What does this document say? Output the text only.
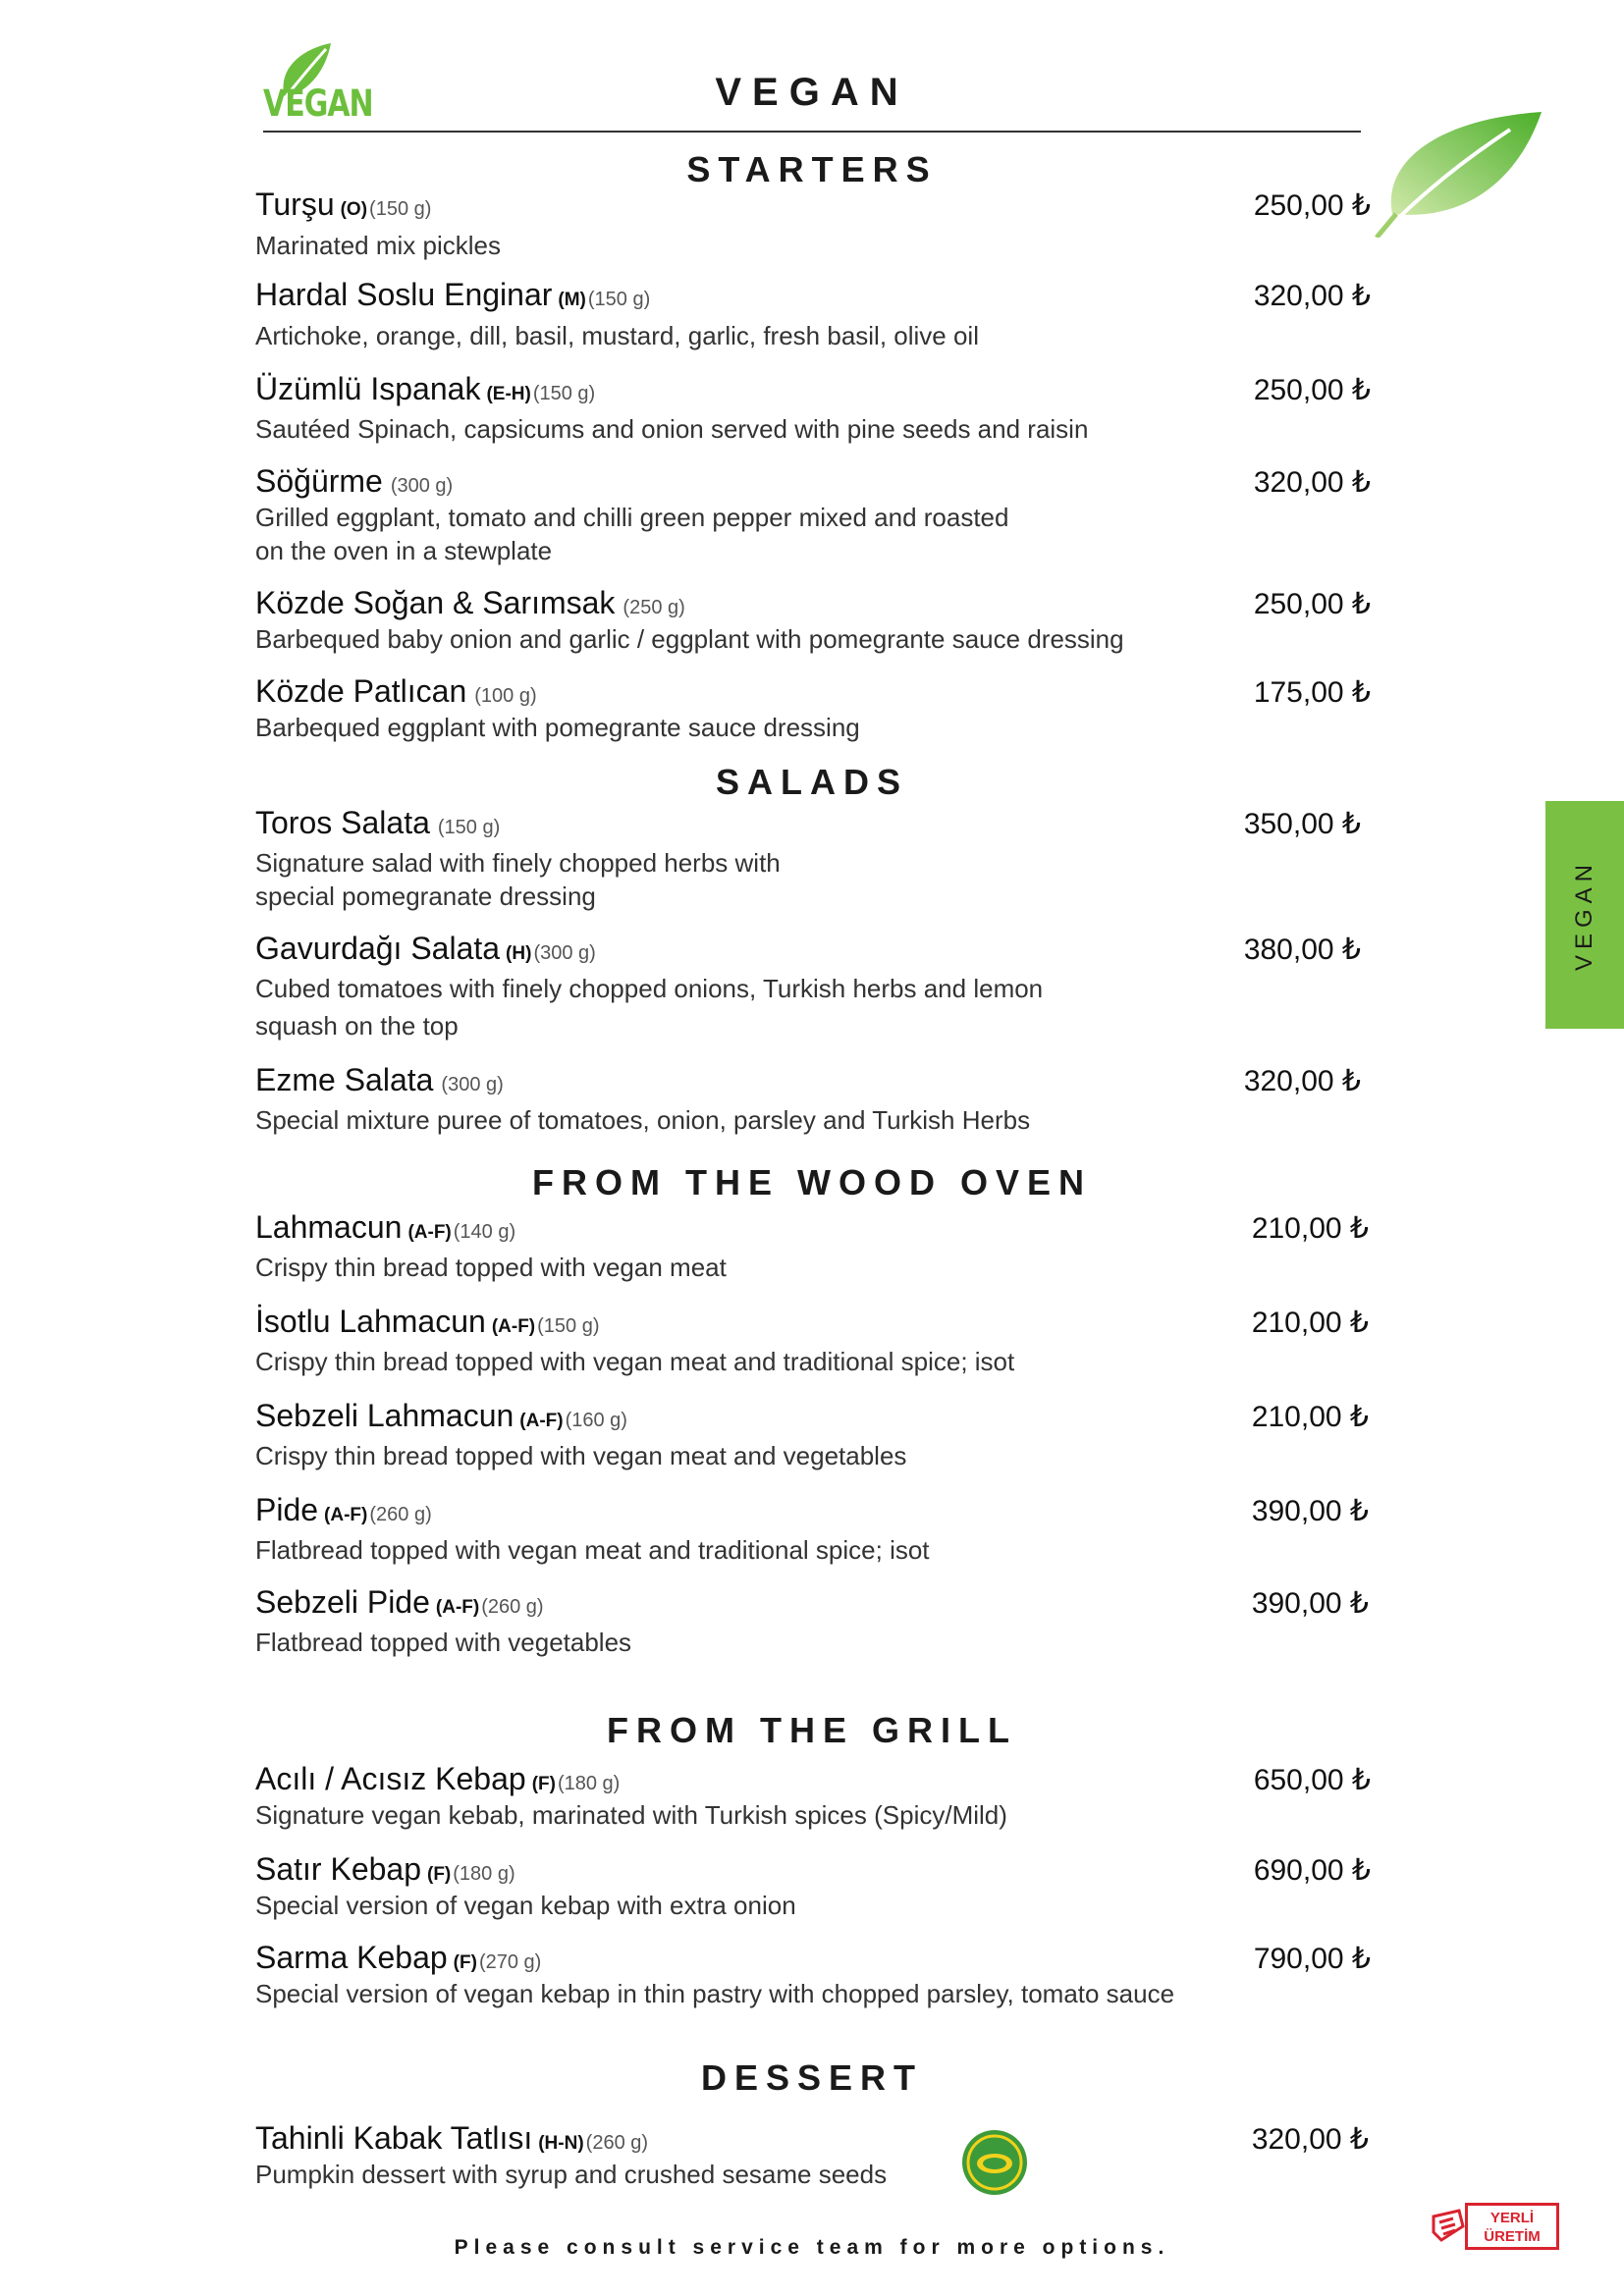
VEGAN	VEGAN
VEGAN
STARTERS
SALADS
FROM THE WOOD OVEN
FROM THE GRILL
DESSERT
Turşu (O) (150 g)	250,00 ₺
Marinated mix pickles
Hardal Soslu Enginar (M) (150 g)	320,00 ₺
Artichoke, orange, dill, basil, mustard, garlic, fresh basil, olive oil
Üzümlü Ispanak (E-H) (150 g)	250,00 ₺
Sautéed Spinach, capsicums and onion served with pine seeds and raisin
Söğürme (300 g)	320,00 ₺
Grilled eggplant, tomato and chilli green pepper mixed and roasted
on the oven in a stewplate
Közde Soğan & Sarımsak (250 g)	250,00 ₺
Barbequed baby onion and garlic / eggplant with pomegrante sauce dressing
Közde Patlıcan (100 g)	175,00 ₺
Barbequed eggplant with pomegrante sauce dressing
Toros Salata (150 g)	350,00 ₺
Signature salad with finely chopped herbs with
special pomegranate dressing
Gavurdağı Salata (H) (300 g)	380,00 ₺
Cubed tomatoes with finely chopped onions, Turkish herbs and lemon
squash on the top
Ezme Salata (300 g)	320,00 ₺
Special mixture puree of tomatoes, onion, parsley and Turkish Herbs
Lahmacun (A-F) (140 g)	210,00 ₺
Crispy thin bread topped with vegan meat
İsotlu Lahmacun (A-F) (150 g)	210,00 ₺
Crispy thin bread topped with vegan meat and traditional spice; isot
Sebzeli Lahmacun (A-F) (160 g)	210,00 ₺
Crispy thin bread topped with vegan meat and vegetables
Pide (A-F) (260 g)	390,00 ₺
Flatbread topped with vegan meat and traditional spice; isot
Sebzeli Pide (A-F) (260 g)	390,00 ₺
Flatbread topped with vegetables
Acılı / Acısız Kebap (F) (180 g)	650,00 ₺
Signature vegan kebab, marinated with Turkish spices (Spicy/Mild)
Satır Kebap (F) (180 g)	690,00 ₺
Special version of vegan kebap with extra onion
Sarma Kebap (F) (270 g)	790,00 ₺
Special version of vegan kebap in thin pastry with chopped parsley, tomato sauce
Tahinli Kabak Tatlısı (H-N) (260 g)	320,00 ₺
Pumpkin dessert with syrup and crushed sesame seeds
Please consult service team for more options.
YERLİ
ÜRETİM
